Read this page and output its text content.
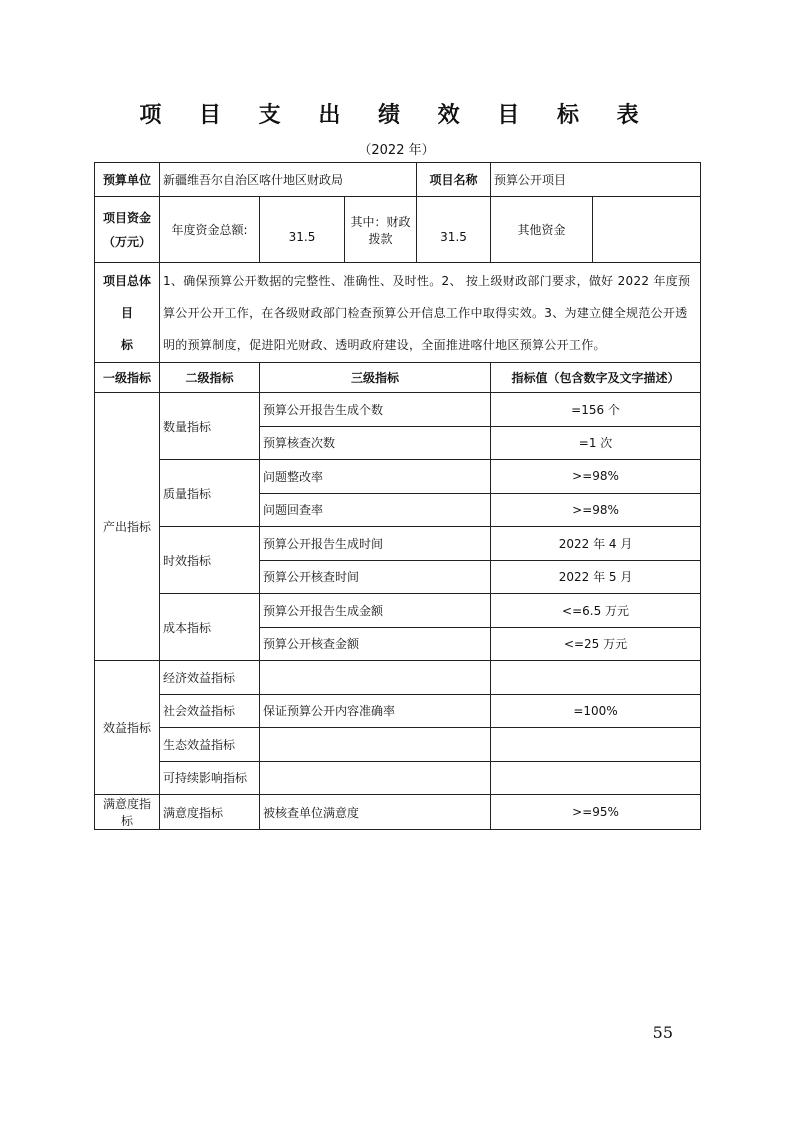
项 目 支 出 绩 效 目 标 表
（2022 年）
预算单位	新疆维吾尔自治区喀什地区财政局			项目名称	预算公开项目	
项目资金
（万元）	年度资金总额:	31.5	其中：财政拨款	31.5	其他资金	
项目总体目
标	1、确保预算公开数据的完整性、准确性、及时性。2、 按上级财政部门要求，做好 2022 年度预算公开公开工作，在各级财政部门检查预算公开信息工作中取得实效。3、为建立健全规范公开透明的预算制度，促进阳光财政、透明政府建设，全面推进喀什地区预算公开工作。					
一级指标	二级指标	三级指标			指标值（包含数字及文字描述）	
产出指标	数量指标	预算公开报告生成个数			=156 个	
		预算核查次数			=1 次	
	质量指标	问题整改率			>=98%	
		问题回查率			>=98%	
	时效指标	预算公开报告生成时间			2022 年 4 月	
		预算公开核查时间			2022 年 5 月	
	成本指标	预算公开报告生成金额			<=6.5 万元	
		预算公开核查金额			<=25 万元	
效益指标	经济效益指标					
	社会效益指标	保证预算公开内容准确率			=100%	
	生态效益指标					
	可持续影响指标					
满意度指标	满意度指标	被核查单位满意度			>=95%	
55
